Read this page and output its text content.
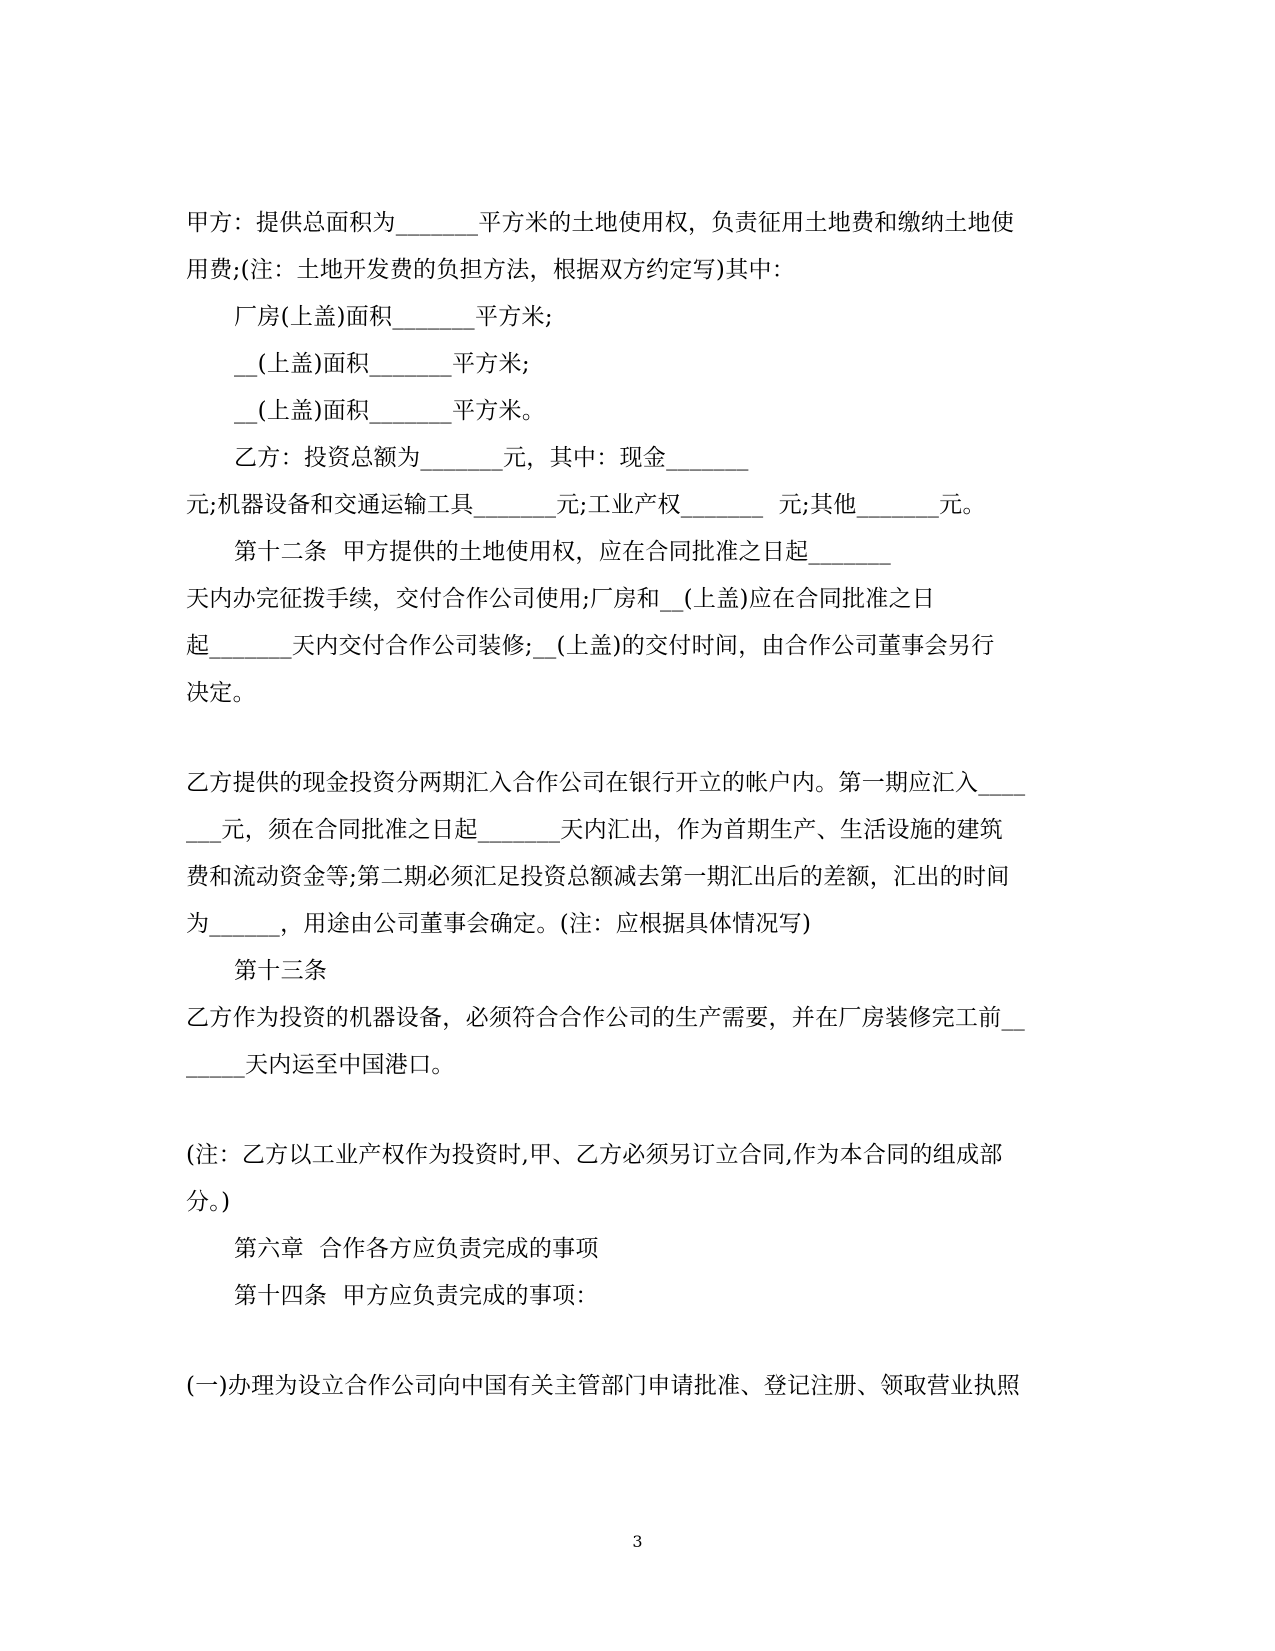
甲方：提供总面积为_______平方米的土地使用权，负责征用土地费和缴纳土地使
用费;(注：土地开发费的负担方法，根据双方约定写)其中：
厂房(上盖)面积_______平方米;
__(上盖)面积_______平方米;
__(上盖)面积_______平方米。
乙方：投资总额为_______元，其中：现金_______
元;机器设备和交通运输工具_______元;工业产权_______  元;其他_______元。
第十二条  甲方提供的土地使用权，应在合同批准之日起_______
天内办完征拨手续，交付合作公司使用;厂房和__(上盖)应在合同批准之日
起_______天内交付合作公司装修;__(上盖)的交付时间，由合作公司董事会另行
决定。
乙方提供的现金投资分两期汇入合作公司在银行开立的帐户内。第一期应汇入____
___元，须在合同批准之日起_______天内汇出，作为首期生产、生活设施的建筑
费和流动资金等;第二期必须汇足投资总额减去第一期汇出后的差额，汇出的时间
为______，用途由公司董事会确定。(注：应根据具体情况写)
第十三条
乙方作为投资的机器设备，必须符合合作公司的生产需要，并在厂房装修完工前__
_____天内运至中国港口。
(注：乙方以工业产权作为投资时,甲、乙方必须另订立合同,作为本合同的组成部
分。)
第六章  合作各方应负责完成的事项
第十四条  甲方应负责完成的事项：
(一)办理为设立合作公司向中国有关主管部门申请批准、登记注册、领取营业执照
3
